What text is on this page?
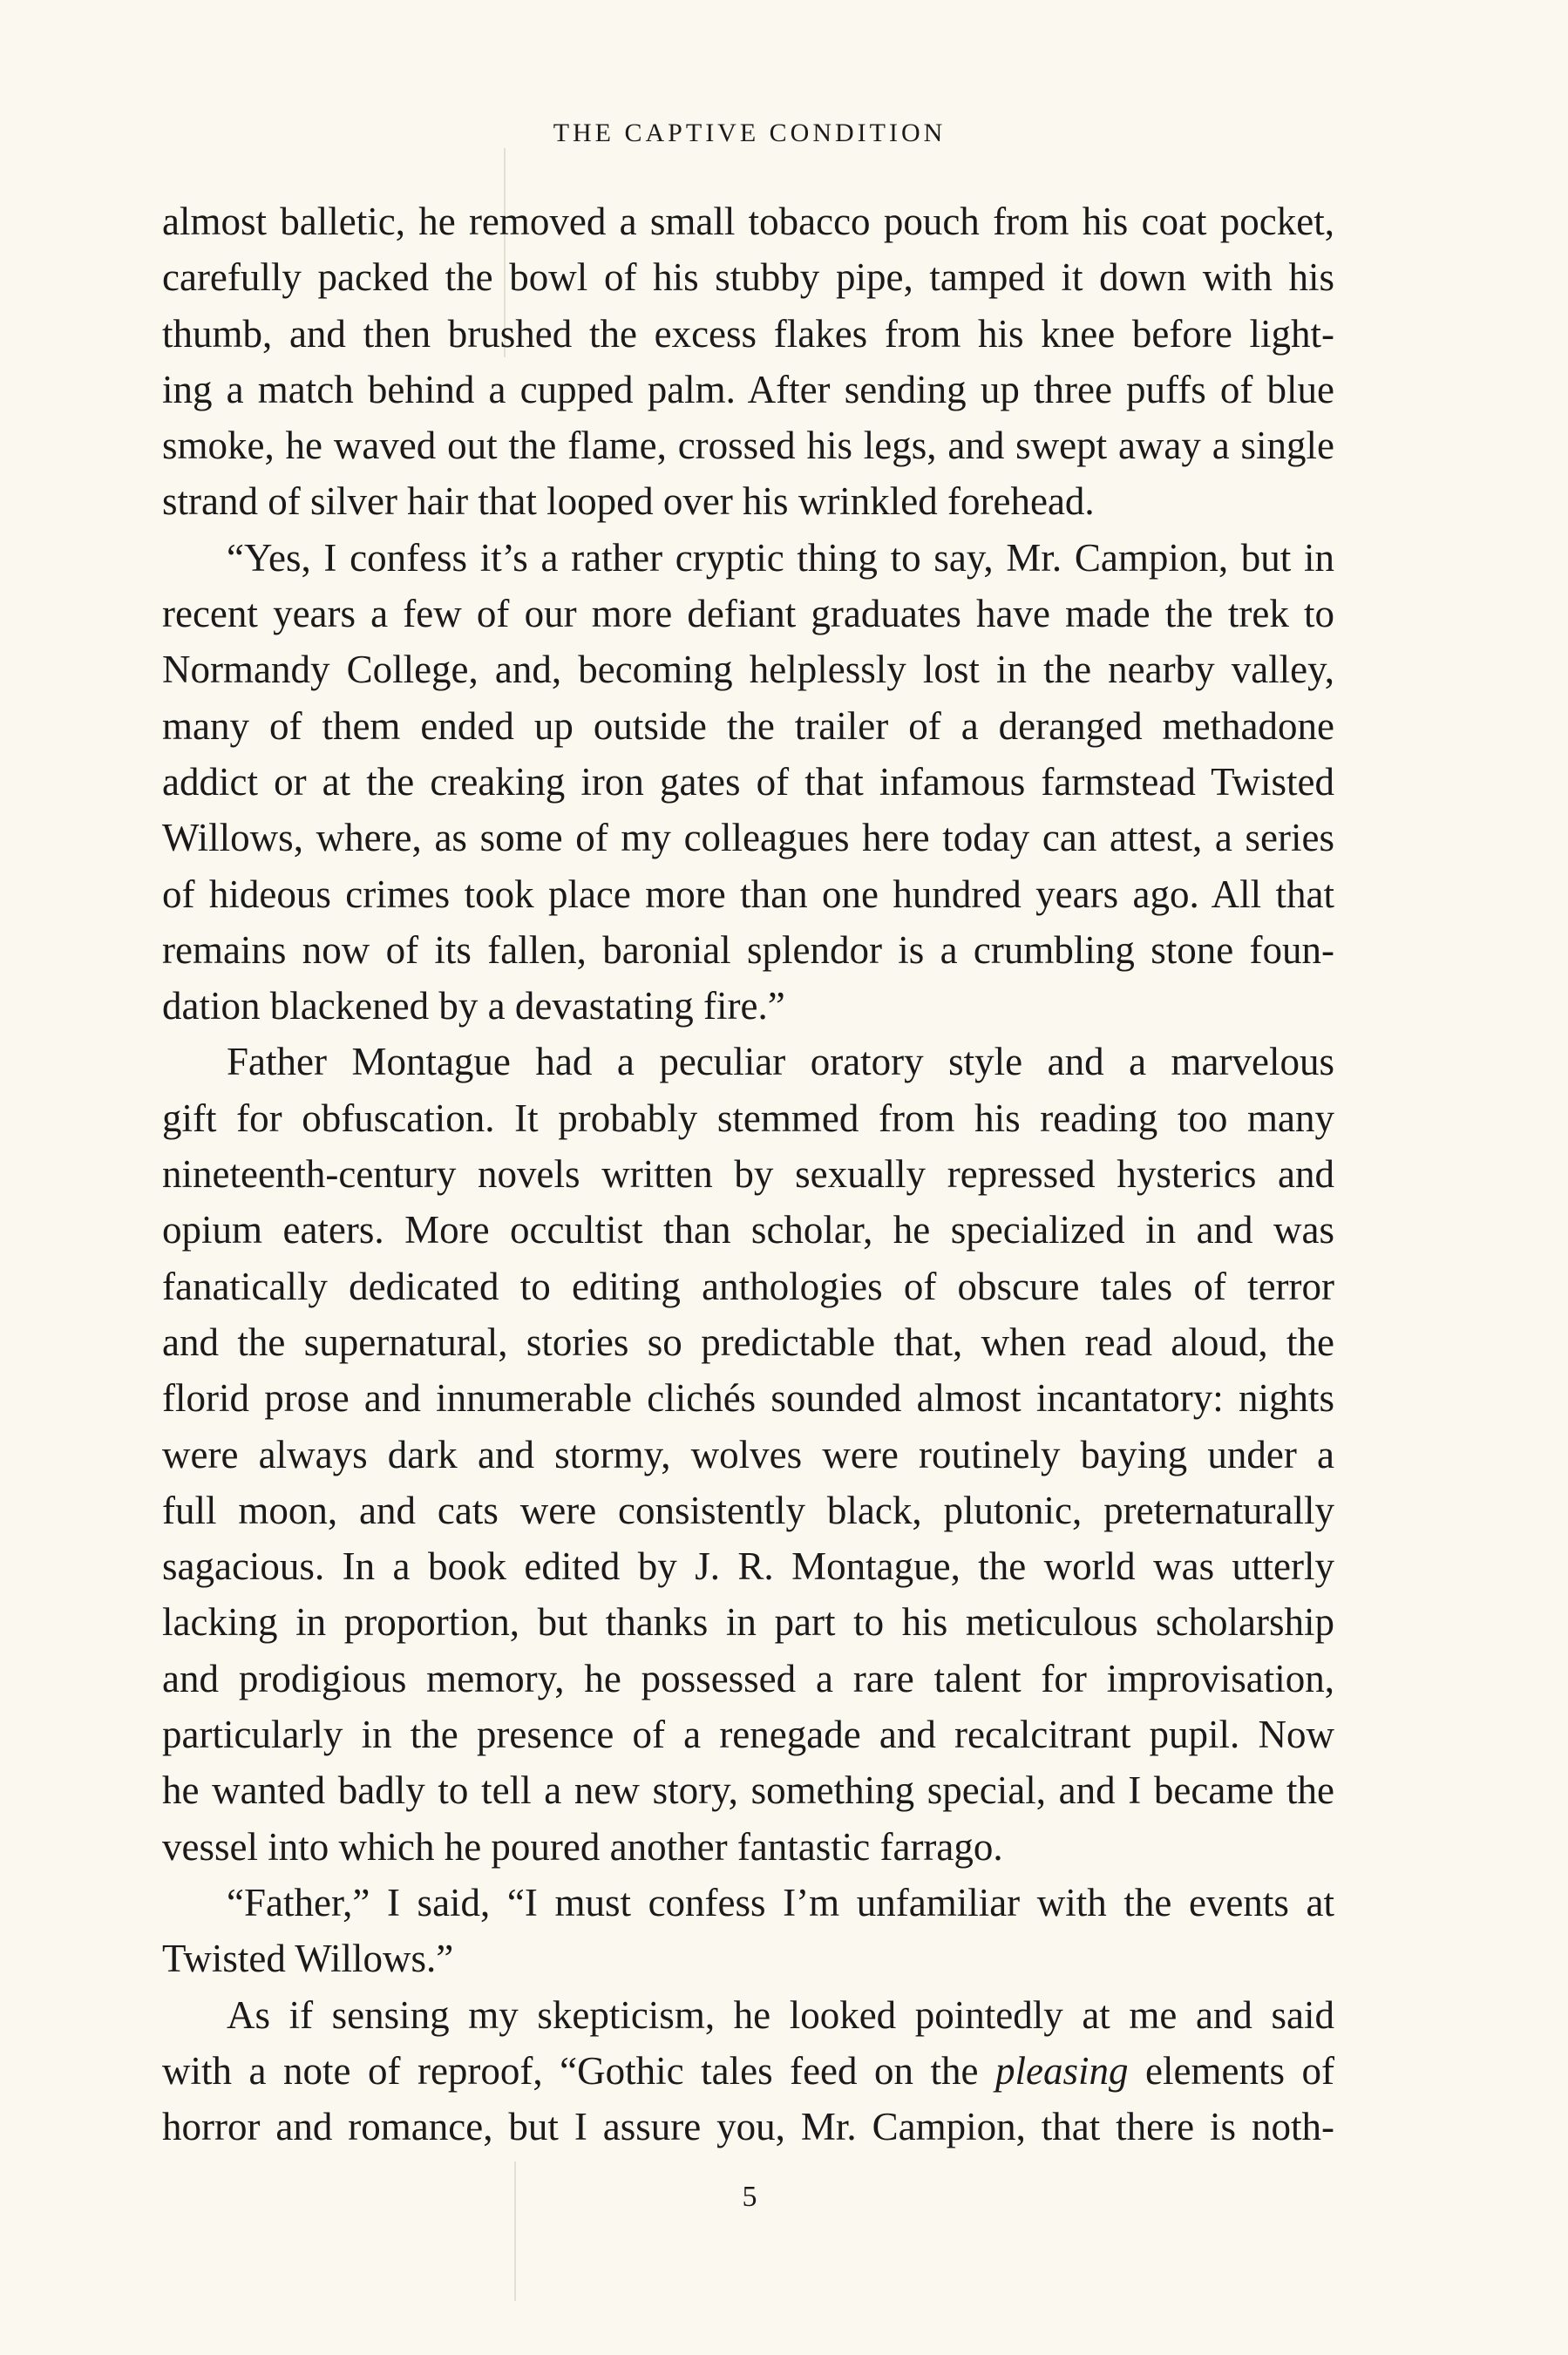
THE CAPTIVE CONDITION
almost balletic, he removed a small tobacco pouch from his coat pocket,
carefully packed the bowl of his stubby pipe, tamped it down with his
thumb, and then brushed the excess flakes from his knee before light-
ing a match behind a cupped palm. After sending up three puffs of blue
smoke, he waved out the flame, crossed his legs, and swept away a single
strand of silver hair that looped over his wrinkled forehead.
“Yes, I confess it’s a rather cryptic thing to say, Mr. Campion, but in
recent years a few of our more defiant graduates have made the trek to
Normandy College, and, becoming helplessly lost in the nearby valley,
many of them ended up outside the trailer of a deranged methadone
addict or at the creaking iron gates of that infamous farmstead Twisted
Willows, where, as some of my colleagues here today can attest, a series
of hideous crimes took place more than one hundred years ago. All that
remains now of its fallen, baronial splendor is a crumbling stone foun-
dation blackened by a devastating fire.”
Father Montague had a peculiar oratory style and a marvelous
gift for obfuscation. It probably stemmed from his reading too many
nineteenth-century novels written by sexually repressed hysterics and
opium eaters. More occultist than scholar, he specialized in and was
fanatically dedicated to editing anthologies of obscure tales of terror
and the supernatural, stories so predictable that, when read aloud, the
florid prose and innumerable clichés sounded almost incantatory: nights
were always dark and stormy, wolves were routinely baying under a
full moon, and cats were consistently black, plutonic, preternaturally
sagacious. In a book edited by J. R. Montague, the world was utterly
lacking in proportion, but thanks in part to his meticulous scholarship
and prodigious memory, he possessed a rare talent for improvisation,
particularly in the presence of a renegade and recalcitrant pupil. Now
he wanted badly to tell a new story, something special, and I became the
vessel into which he poured another fantastic farrago.
“Father,” I said, “I must confess I’m unfamiliar with the events at
Twisted Willows.”
As if sensing my skepticism, he looked pointedly at me and said
with a note of reproof, “Gothic tales feed on the pleasing elements of
horror and romance, but I assure you, Mr. Campion, that there is noth-
5
